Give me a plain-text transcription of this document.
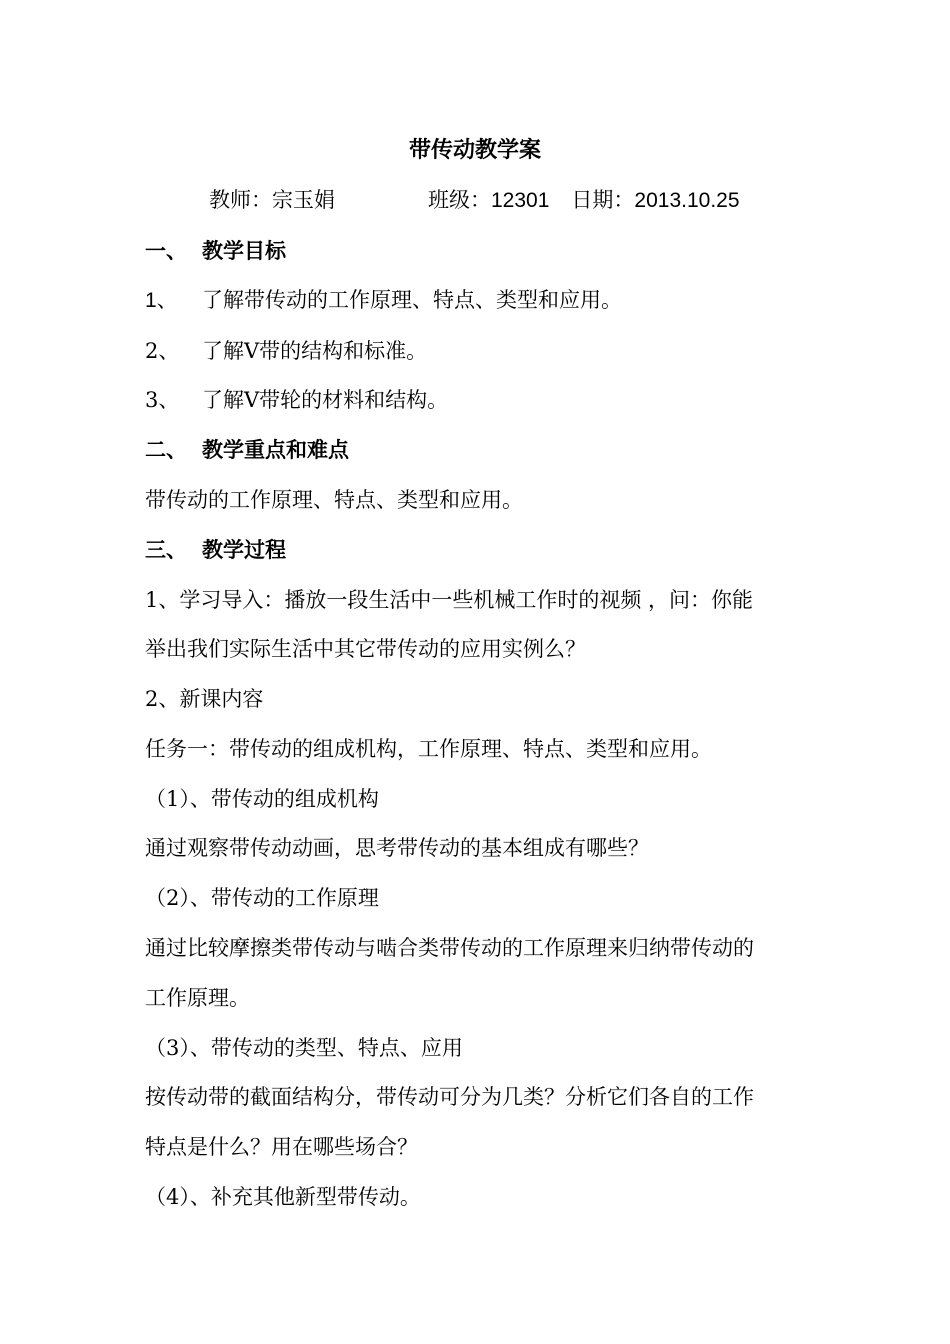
带传动教学案
教师：宗玉娟	班级：12301 日期：2013.10.25
一、 教学目标
1、 了解带传动的工作原理、特点、类型和应用。
2、 了解V带的结构和标准。
3、 了解V带轮的材料和结构。
二、 教学重点和难点
带传动的工作原理、特点、类型和应用。
三、 教学过程
1、学习导入：播放一段生活中一些机械工作时的视频 ，问：你能
举出我们实际生活中其它带传动的应用实例么？
2、新课内容
任务一：带传动的组成机构，工作原理、特点、类型和应用。
（1）、带传动的组成机构
通过观察带传动动画，思考带传动的基本组成有哪些？
（2）、带传动的工作原理
通过比较摩擦类带传动与啮合类带传动的工作原理来归纳带传动的
工作原理。
（3）、带传动的类型、特点、应用
按传动带的截面结构分，带传动可分为几类？分析它们各自的工作
特点是什么？用在哪些场合？
（4）、补充其他新型带传动。
